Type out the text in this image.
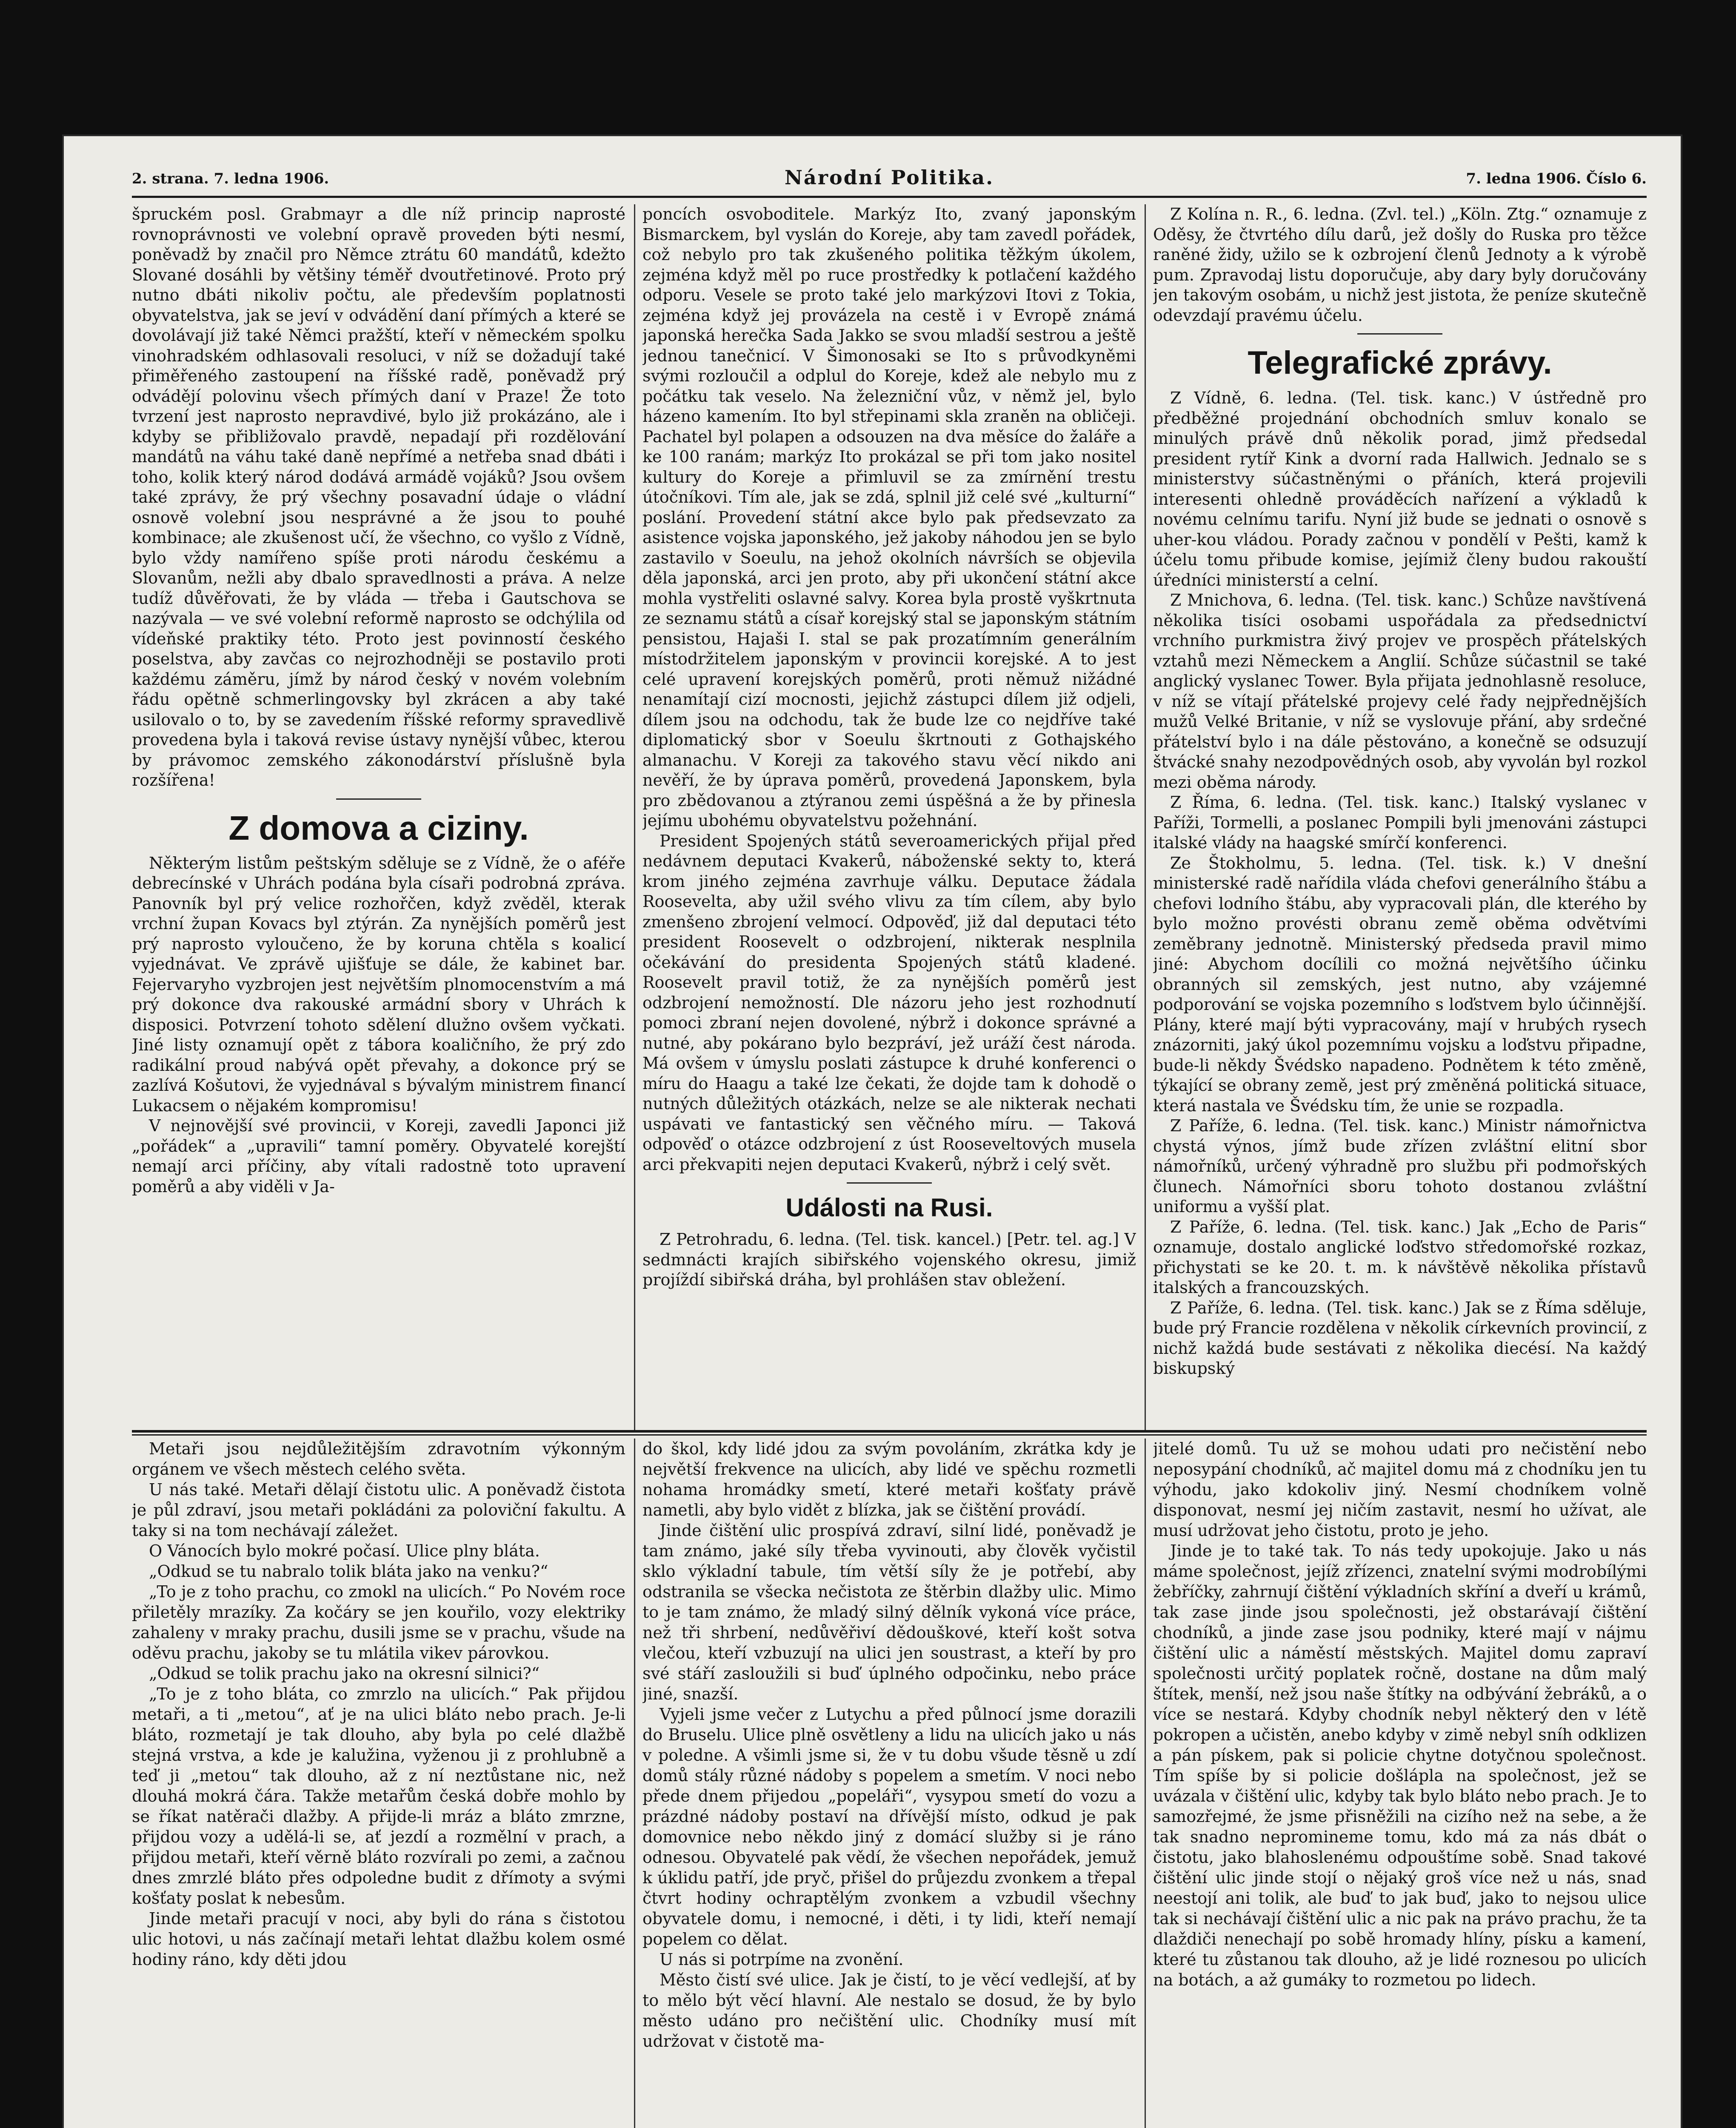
2. strana. 7. ledna 1906.	Národní Politika.	7. ledna 1906. Číslo 6.

špruckém posl. Grabmayr a dle níž princip naprosté rovnoprávnosti ve volební opravě proveden býti nesmí, poněvadž by značil pro Němce ztrátu 60 mandátů, kdežto Slované dosáhli by většiny téměř dvoutřetinové. Proto prý nutno dbáti nikoliv počtu, ale především poplatnosti obyvatelstva, jak se jeví v odvádění daní přímých a které se dovolávají již také Němci pražští, kteří v německém spolku vinohradském odhlasovali resoluci, v níž se dožadují také přiměřeného zastoupení na říšské radě, poněvadž prý odvádějí polovinu všech přímých daní v Praze! Že toto tvrzení jest naprosto nepravdivé, bylo již prokázáno, ale i kdyby se přibližovalo pravdě, nepadají při rozdělování mandátů na váhu také daně nepřímé a netřeba snad dbáti i toho, kolik který národ dodává armádě vojáků? Jsou ovšem také zprávy, že prý všechny posavadní údaje o vládní osnově volební jsou nesprávné a že jsou to pouhé kombinace; ale zkušenost učí, že všechno, co vyšlo z Vídně, bylo vždy namířeno spíše proti národu českému a Slovanům, nežli aby dbalo spravedlnosti a práva. A nelze tudíž důvěřovati, že by vláda — třeba i Gautschova se nazývala — ve své volební reformě naprosto se odchýlila od vídeňské praktiky této. Proto jest povinností českého poselstva, aby zavčas co nejrozhodněji se postavilo proti každému záměru, jímž by národ český v novém volebním řádu opětně schmerlingovsky byl zkrácen a aby také usilovalo o to, by se zavedením říšské reformy spravedlivě provedena byla i taková revise ústavy nynější vůbec, kterou by právomoc zemského zákonodárství příslušně byla rozšířena!

Z domova a ciziny.

Některým listům peštským sděluje se z Vídně, že o aféře debrecínské v Uhrách podána byla císaři podrobná zpráva. Panovník byl prý velice rozhořčen, když zvěděl, kterak vrchní župan Kovacs byl ztýrán. Za nynějších poměrů jest prý naprosto vyloučeno, že by koruna chtěla s koalicí vyjednávat. Ve zprávě ujišťuje se dále, že kabinet bar. Fejervaryho vyzbrojen jest největším plnomocenstvím a má prý dokonce dva rakouské armádní sbory v Uhrách k disposici. Potvrzení tohoto sdělení dlužno ovšem vyčkati. Jiné listy oznamují opět z tábora koaličního, že prý zdo radikální proud nabývá opět převahy, a dokonce prý se zazlívá Košutovi, že vyjednával s bývalým ministrem financí Lukacsem o nějakém kompromisu!

V nejnovější své provincii, v Koreji, zavedli Japonci již „pořádek“ a „upravili“ tamní poměry. Obyvatelé korejští nemají arci příčiny, aby vítali radostně toto upravení poměrů a aby viděli v Ja-

poncích osvoboditele. Markýz Ito, zvaný japonským Bismarckem, byl vyslán do Koreje, aby tam zavedl pořádek, což nebylo pro tak zkušeného politika těžkým úkolem, zejména když měl po ruce prostředky k potlačení každého odporu. Vesele se proto také jelo markýzovi Itovi z Tokia, zejména když jej provázela na cestě i v Evropě známá japonská herečka Sada Jakko se svou mladší sestrou a ještě jednou tanečnicí. V Šimonosaki se Ito s průvodkyněmi svými rozloučil a odplul do Koreje, kdež ale nebylo mu z počátku tak veselo. Na železniční vůz, v němž jel, bylo házeno kamením. Ito byl střepinami skla zraněn na obličeji. Pachatel byl polapen a odsouzen na dva měsíce do žaláře a ke 100 ranám; markýz Ito prokázal se při tom jako nositel kultury do Koreje a přimluvil se za zmírnění trestu útočníkovi. Tím ale, jak se zdá, splnil již celé své „kulturní“ poslání. Provedení státní akce bylo pak předsevzato za asistence vojska japonského, jež jakoby náhodou jen se bylo zastavilo v Soeulu, na jehož okolních návrších se objevila děla japonská, arci jen proto, aby při ukončení státní akce mohla vystřeliti oslavné salvy. Korea byla prostě vyškrtnuta ze seznamu států a císař korejský stal se japonským státním pensistou, Hajaši I. stal se pak prozatímním generálním místodržitelem japonským v provincii korejské. A to jest celé upravení korejských poměrů, proti němuž nižádné nenamítají cizí mocnosti, jejichž zástupci dílem již odjeli, dílem jsou na odchodu, tak že bude lze co nejdříve také diplomatický sbor v Soeulu škrtnouti z Gothajského almanachu. V Koreji za takového stavu věcí nikdo ani nevěří, že by úprava poměrů, provedená Japonskem, byla pro zbědovanou a ztýranou zemi úspěšná a že by přinesla jejímu ubohému obyvatelstvu požehnání.

President Spojených států severoamerických přijal před nedávnem deputaci Kvakerů, náboženské sekty to, která krom jiného zejména zavrhuje válku. Deputace žádala Roosevelta, aby užil svého vlivu za tím cílem, aby bylo zmenšeno zbrojení velmocí. Odpověď, již dal deputaci této president Roosevelt o odzbrojení, nikterak nesplnila očekávání do presidenta Spojených států kladené. Roosevelt pravil totiž, že za nynějších poměrů jest odzbrojení nemožností. Dle názoru jeho jest rozhodnutí pomoci zbraní nejen dovolené, nýbrž i dokonce správné a nutné, aby pokárano bylo bezpráví, jež uráží čest národa. Má ovšem v úmyslu poslati zástupce k druhé konferenci o míru do Haagu a také lze čekati, že dojde tam k dohodě o nutných důležitých otázkách, nelze se ale nikterak nechati uspávati ve fantastický sen věčného míru. — Taková odpověď o otázce odzbrojení z úst Rooseveltových musela arci překvapiti nejen deputaci Kvakerů, nýbrž i celý svět.

Události na Rusi.

Z Petrohradu, 6. ledna. (Tel. tisk. kancel.) [Petr. tel. ag.] V sedmnácti krajích sibiřského vojenského okresu, jimiž projíždí sibiřská dráha, byl prohlášen stav obležení.

Z Kolína n. R., 6. ledna. (Zvl. tel.) „Köln. Ztg.“ oznamuje z Oděsy, že čtvrtého dílu darů, jež došly do Ruska pro těžce raněné židy, užilo se k ozbrojení členů Jednoty a k výrobě pum. Zpravodaj listu doporučuje, aby dary byly doručovány jen takovým osobám, u nichž jest jistota, že peníze skutečně odevzdají pravému účelu.

Telegrafické zprávy.

Z Vídně, 6. ledna. (Tel. tisk. kanc.) V ústředně pro předběžné projednání obchodních smluv konalo se minulých právě dnů několik porad, jimž předsedal president rytíř Kink a dvorní rada Hallwich. Jednalo se s ministerstvy súčastněnými o přáních, která projevili interesenti ohledně prováděcích nařízení a výkladů k novému celnímu tarifu. Nyní již bude se jednati o osnově s uher-kou vládou. Porady začnou v pondělí v Pešti, kamž k účelu tomu přibude komise, jejímiž členy budou rakouští úředníci ministerstí a celní.

Z Mnichova, 6. ledna. (Tel. tisk. kanc.) Schůze navštívená několika tisíci osobami uspořádala za předsednictví vrchního purkmistra živý projev ve prospěch přátelských vztahů mezi Německem a Anglií. Schůze súčastnil se také anglický vyslanec Tower. Byla přijata jednohlasně resoluce, v níž se vítají přátelské projevy celé řady nejpřednějších mužů Velké Britanie, v níž se vyslovuje přání, aby srdečné přátelství bylo i na dále pěstováno, a konečně se odsuzují štvácké snahy nezodpovědných osob, aby vyvolán byl rozkol mezi oběma národy.

Z Říma, 6. ledna. (Tel. tisk. kanc.) Italský vyslanec v Paříži, Tormelli, a poslanec Pompili byli jmenováni zástupci italské vlády na haagské smírčí konferenci.

Ze Štokholmu, 5. ledna. (Tel. tisk. k.) V dnešní ministerské radě nařídila vláda chefovi generálního štábu a chefovi lodního štábu, aby vypracovali plán, dle kterého by bylo možno provésti obranu země oběma odvětvími zeměbrany jednotně. Ministerský předseda pravil mimo jiné: Abychom docílili co možná největšího účinku obranných sil zemských, jest nutno, aby vzájemné podporování se vojska pozemního s loďstvem bylo účinnější. Plány, které mají býti vypracovány, mají v hrubých rysech znázorniti, jaký úkol pozemnímu vojsku a loďstvu připadne, bude-li někdy Švédsko napadeno. Podnětem k této změně, týkající se obrany země, jest prý změněná politická situace, která nastala ve Švédsku tím, že unie se rozpadla.

Z Paříže, 6. ledna. (Tel. tisk. kanc.) Ministr námořnictva chystá výnos, jímž bude zřízen zvláštní elitní sbor námořníků, určený výhradně pro službu při podmořských člunech. Námořníci sboru tohoto dostanou zvláštní uniformu a vyšší plat.

Z Paříže, 6. ledna. (Tel. tisk. kanc.) Jak „Echo de Paris“ oznamuje, dostalo anglické loďstvo středomořské rozkaz, přichystati se ke 20. t. m. k návštěvě několika přístavů italských a francouzských.

Z Paříže, 6. ledna. (Tel. tisk. kanc.) Jak se z Říma sděluje, bude prý Francie rozdělena v několik církevních provincií, z nichž každá bude sestávati z několika diecésí. Na každý biskupský

Metaři jsou nejdůležitějším zdravotním výkonným orgánem ve všech městech celého světa.

U nás také. Metaři dělají čistotu ulic. A poněvadž čistota je půl zdraví, jsou metaři pokládáni za poloviční fakultu. A taky si na tom nechávají záležet.

O Vánocích bylo mokré počasí. Ulice plny bláta.

„Odkud se tu nabralo tolik bláta jako na venku?“

„To je z toho prachu, co zmokl na ulicích.“ Po Novém roce přiletěly mrazíky. Za kočáry se jen kouřilo, vozy elektriky zahaleny v mraky prachu, dusili jsme se v prachu, všude na oděvu prachu, jakoby se tu mlátila vikev párovkou.

„Odkud se tolik prachu jako na okresní silnici?“

„To je z toho bláta, co zmrzlo na ulicích.“ Pak přijdou metaři, a ti „metou“, ať je na ulici bláto nebo prach. Je-li bláto, rozmetají je tak dlouho, aby byla po celé dlažbě stejná vrstva, a kde je kalužina, vyženou ji z prohlubně a teď ji „metou“ tak dlouho, až z ní neztůstane nic, než dlouhá mokrá čára. Takže metařům česká dobře mohlo by se říkat natěrači dlažby. A přijde-li mráz a bláto zmrzne, přijdou vozy a udělá-li se, ať jezdí a rozmělní v prach, a přijdou metaři, kteří věrně bláto rozvírali po zemi, a začnou dnes zmrzlé bláto přes odpoledne budit z dřímoty a svými košťaty poslat k nebesům.

Jinde metaři pracují v noci, aby byli do rána s čistotou ulic hotovi, u nás začínají metaři lehtat dlažbu kolem osmé hodiny ráno, kdy děti jdou

do škol, kdy lidé jdou za svým povoláním, zkrátka kdy je největší frekvence na ulicích, aby lidé ve spěchu rozmetli nohama hromádky smetí, které metaři košťaty právě nametli, aby bylo vidět z blízka, jak se čištění provádí.

Jinde čištění ulic prospívá zdraví, silní lidé, poněvadž je tam známo, jaké síly třeba vyvinouti, aby člověk vyčistil sklo výkladní tabule, tím větší síly že je potřebí, aby odstranila se všecka nečistota ze štěrbin dlažby ulic. Mimo to je tam známo, že mladý silný dělník vykoná více práce, než tři shrbení, nedůvěřiví dědouškové, kteří košt sotva vlečou, kteří vzbuzují na ulici jen soustrast, a kteří by pro své stáří zasloužili si buď úplného odpočinku, nebo práce jiné, snazší.

Vyjeli jsme večer z Lutychu a před půlnocí jsme dorazili do Bruselu. Ulice plně osvětleny a lidu na ulicích jako u nás v poledne. A všimli jsme si, že v tu dobu všude těsně u zdí domů stály různé nádoby s popelem a smetím. V noci nebo přede dnem přijedou „popeláři“, vysypou smetí do vozu a prázdné nádoby postaví na dřívější místo, odkud je pak domovnice nebo někdo jiný z domácí služby si je ráno odnesou. Obyvatelé pak vědí, že všechen nepořádek, jemuž k úklidu patří, jde pryč, přišel do průjezdu zvonkem a třepal čtvrt hodiny ochraptělým zvonkem a vzbudil všechny obyvatele domu, i nemocné, i děti, i ty lidi, kteří nemají popelem co dělat.

U nás si potrpíme na zvonění.

Město čistí své ulice. Jak je čistí, to je věcí vedlejší, ať by to mělo být věcí hlavní. Ale nestalo se dosud, že by bylo město udáno pro nečištění ulic. Chodníky musí mít udržovat v čistotě ma-

jitelé domů. Tu už se mohou udati pro nečistění nebo neposypání chodníků, ač majitel domu má z chodníku jen tu výhodu, jako kdokoliv jiný. Nesmí chodníkem volně disponovat, nesmí jej ničím zastavit, nesmí ho užívat, ale musí udržovat jeho čistotu, proto je jeho.

Jinde je to také tak. To nás tedy upokojuje. Jako u nás máme společnost, jejíž zřízenci, znatelní svými modrobílými žebříčky, zahrnují čištění výkladních skříní a dveří u krámů, tak zase jinde jsou společnosti, jež obstarávají čištění chodníků, a jinde zase jsou podniky, které mají v nájmu čištění ulic a náměstí městských. Majitel domu zapraví společnosti určitý poplatek ročně, dostane na dům malý štítek, menší, než jsou naše štítky na odbývání žebráků, a o více se nestará. Kdyby chodník nebyl některý den v létě pokropen a učistěn, anebo kdyby v zimě nebyl sníh odklizen a pán pískem, pak si policie chytne dotyčnou společnost. Tím spíše by si policie došlápla na společnost, jež se uvázala v čištění ulic, kdyby tak bylo bláto nebo prach. Je to samozřejmé, že jsme přisněžili na cizího než na sebe, a že tak snadno nepromineme tomu, kdo má za nás dbát o čistotu, jako blahoslenému odpouštíme sobě. Snad takové čištění ulic jinde stojí o nějaký groš více než u nás, snad neestojí ani tolik, ale buď to jak buď, jako to nejsou ulice tak si nechávají čištění ulic a nic pak na právo prachu, že ta dlaždiči nenechají po sobě hromady hlíny, písku a kamení, které tu zůstanou tak dlouho, až je lidé roznesou po ulicích na botách, a až gumáky to rozmetou po lidech.
